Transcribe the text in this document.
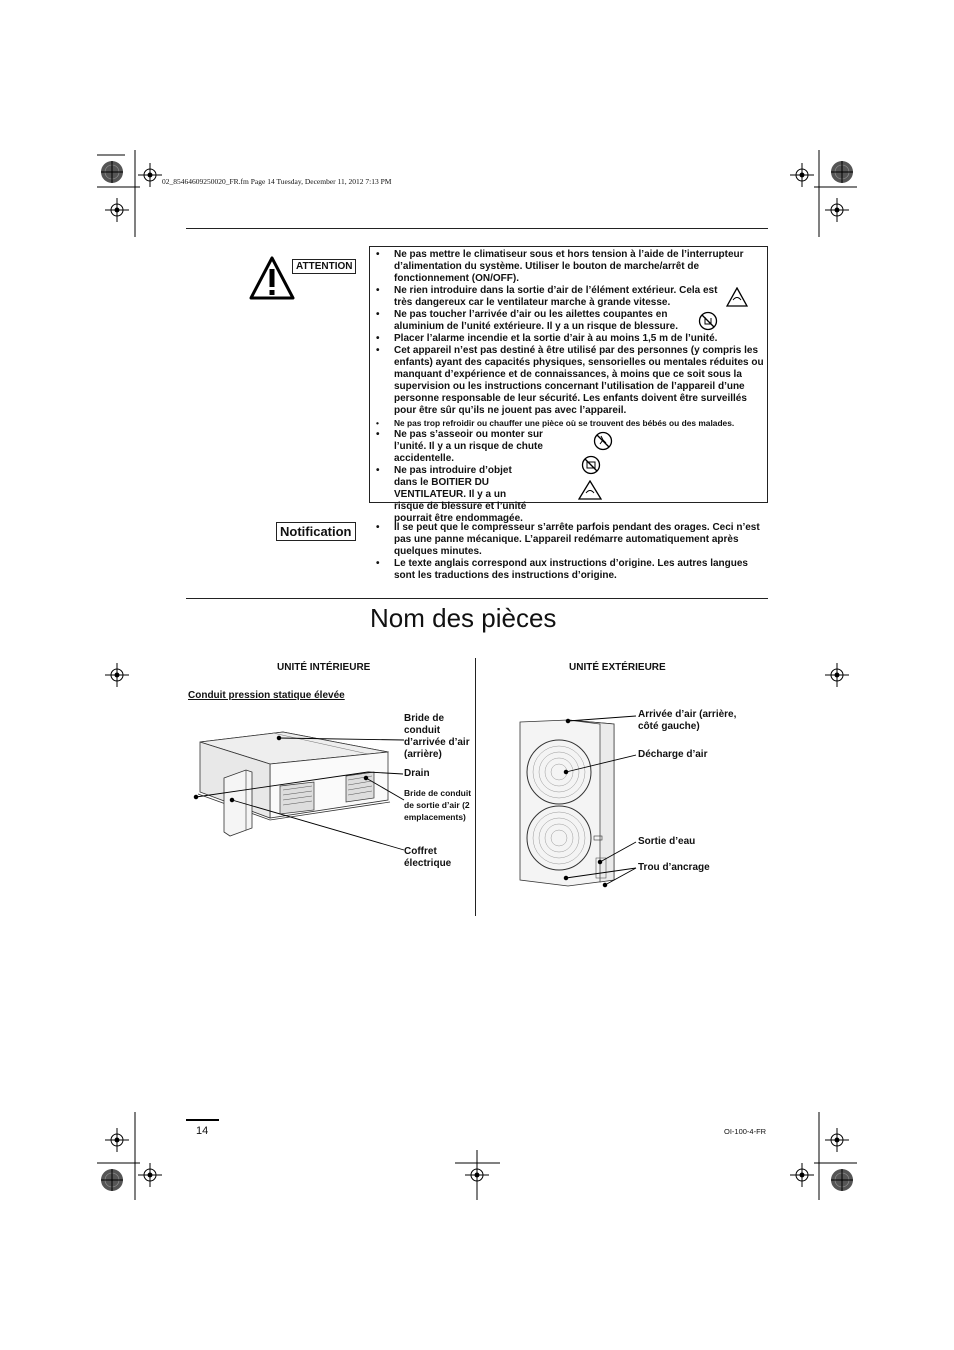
02_85464609250020_FR.fm Page 14 Tuesday, December 11, 2012 7:13 PM
ATTENTION
• Ne pas mettre le climatiseur sous et hors tension à l’aide de l’interrupteur d’alimentation du système. Utiliser le bouton de marche/arrêt de fonctionnement (ON/OFF).
• Ne rien introduire dans la sortie d’air de l’élément extérieur. Cela est très dangereux car le ventilateur marche à grande vitesse.
• Ne pas toucher l’arrivée d’air ou les ailettes coupantes en aluminium de l’unité extérieure. Il y a un risque de blessure.
• Placer l’alarme incendie et la sortie d’air à au moins 1,5 m de l’unité.
• Cet appareil n’est pas destiné à être utilisé par des personnes (y compris les enfants) ayant des capacités physiques, sensorielles ou mentales réduites ou manquant d’expérience et de connaissances, à moins que ce soit sous la supervision ou les instructions concernant l’utilisation de l’appareil d’une personne responsable de leur sécurité. Les enfants doivent être surveillés pour être sûr qu’ils ne jouent pas avec l’appareil.
• Ne pas trop refroidir ou chauffer une pièce où se trouvent des bébés ou des malades.
• Ne pas s’asseoir ou monter sur l’unité. Il y a un risque de chute accidentelle.
• Ne pas introduire d’objet dans le BOITIER DU VENTILATEUR. Il y a un risque de blessure et l’unité pourrait être endommagée.
Notification
•	Il se peut que le compresseur s’arrête parfois pendant des orages. Ceci n’est pas une panne mécanique. L’appareil redémarre automatiquement après quelques minutes.
• Le texte anglais correspond aux instructions d’origine. Les autres langues sont les traductions des instructions d’origine.
Nom des pièces
UNITÉ INTÉRIEURE
Conduit pression statique élevée
Bride de conduit d’arrivée d’air (arrière)
Drain
Bride de conduit de sortie d’air (2 emplacements)
Coffret électrique
UNITÉ EXTÉRIEURE
Arrivée d’air (arrière, côté gauche)
Décharge d’air
Sortie d’eau
Trou d’ancrage
14	OI-100-4-FR
